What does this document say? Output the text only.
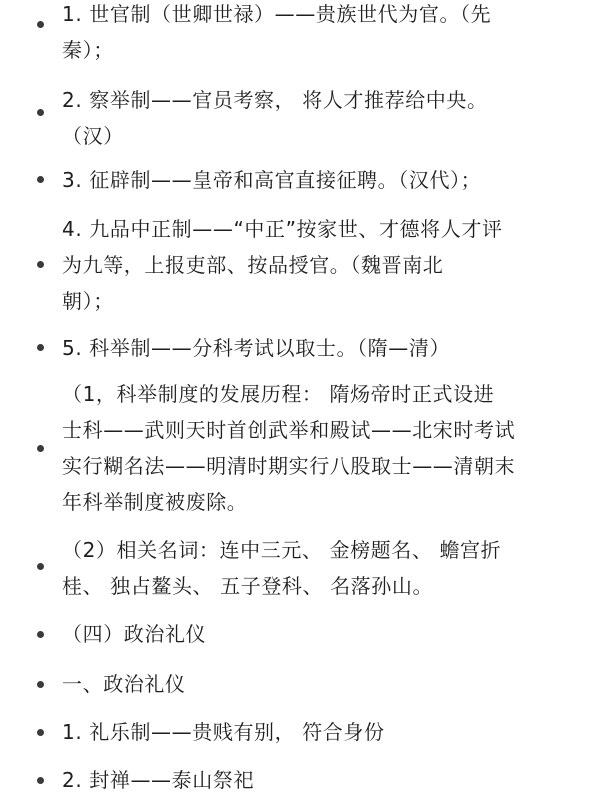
1. 世官制（世卿世禄）——贵族世代为官。（先
秦）；
2. 察举制——官员考察， 将人才推荐给中央。
（汉）
3. 征辟制——皇帝和高官直接征聘。（汉代）；
4. 九品中正制——“中正”按家世、才德将人才评
为九等，上报吏部、按品授官。（魏晋南北
朝）；
5. 科举制——分科考试以取士。（隋—清）
（1，科举制度的发展历程： 隋炀帝时正式设进
士科——武则天时首创武举和殿试——北宋时考试
实行糊名法——明清时期实行八股取士——清朝末
年科举制度被废除。
（2）相关名词：连中三元、 金榜题名、 蟾宫折
桂、 独占鳌头、 五子登科、 名落孙山。
（四）政治礼仪
一、政治礼仪
1. 礼乐制——贵贱有别， 符合身份
2. 封禅——泰山祭祀
